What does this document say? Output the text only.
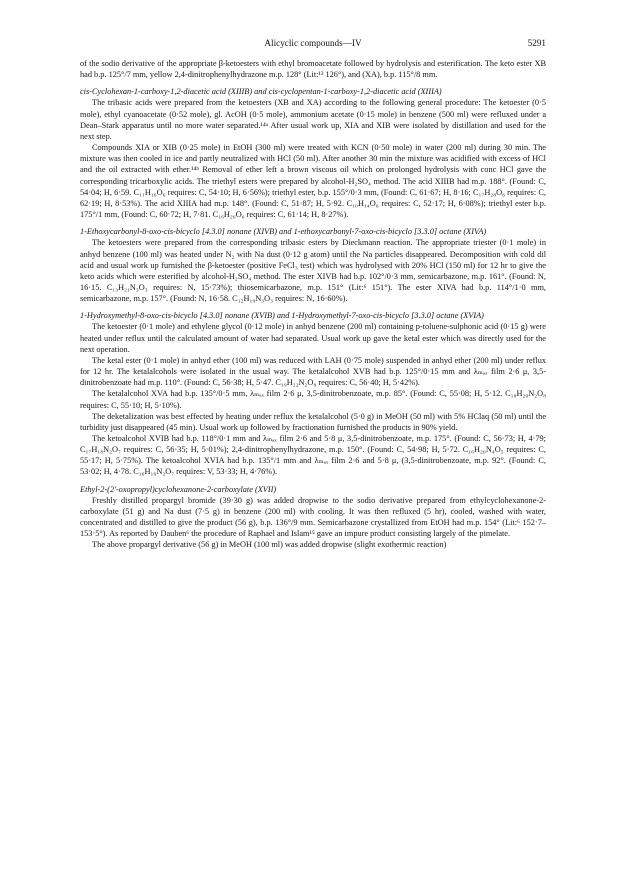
Alicyclic compounds—IV	5291

of the sodio derivative of the appropriate β-ketoesters with ethyl bromoacetate followed by hydrolysis and esterification. The keto ester XB had b.p. 125°/7 mm, yellow 2,4-dinitrophenylhydrazone m.p. 128° (Lit:¹³ 126°), and (XA), b.p. 115°/8 mm.

cis-Cyclohexan-1-carboxy-1,2-diacetic acid (XIIIB) and cis-cyclopentan-1-carboxy-1,2-diacetic acid (XIIIA)

The tribasic acids were prepared from the ketoesters (XB and XA) according to the following general procedure: The ketoester (0·5 mole), ethyl cyanoacetate (0·52 mole), gl. AcOH (0·5 mole), ammonium acetate (0·15 mole) in benzene (500 ml) were refluxed under a Dean–Stark apparatus until no more water separated.¹⁴ᵃ After usual work up, XIA and XIB were isolated by distillation and used for the next step.

Compounds XIA or XIB (0·25 mole) in EtOH (300 ml) were treated with KCN (0·50 mole) in water (200 ml) during 30 min. The mixture was then cooled in ice and partly neutralized with HCl (50 ml). After another 30 min the mixture was acidified with excess of HCl and the oil extracted with ether.¹⁴ᵇ Removal of ether left a brown viscous oil which on prolonged hydrolysis with conc HCl gave the corresponding tricarboxylic acids. The triethyl esters were prepared by alcohol-H₂SO₄ method. The acid XIIIB had m.p. 188°. (Found: C, 54·04; H, 6·59. C₁₁H₁₆O₆ requires: C, 54·10; H, 6·56%); triethyl ester, b.p. 155°/0·3 mm, (Found: C, 61·67; H, 8·16; C₁₇H₂₈O₆ requires: C, 62·19; H, 8·53%). The acid XIIIA had m.p. 148°. (Found: C, 51·87; H, 5·92. C₁₀H₁₄O₆ requires: C, 52·17; H, 6·08%); triethyl ester b.p. 175°/1 mm, (Found: C, 60·72; H, 7·81. C₁₆H₂₆O₆ requires: C, 61·14; H, 8·27%).

1-Ethoxycarbonyl-8-oxo-cis-bicyclo [4.3.0] nonane (XIVB) and 1-ethoxycarbonyl-7-oxo-cis-bicyclo [3.3.0] octane (XIVA)

The ketoesters were prepared from the corresponding tribasic esters by Dieckmann reaction. The appropriate triester (0·1 mole) in anhyd benzene (100 ml) was heated under N₂ with Na dust (0·12 g atom) until the Na particles disappeared. Decomposition with cold dil acid and usual work up furnished the β-ketoester (positive FeCl₃ test) which was hydrolysed with 20% HCl (150 ml) for 12 hr to give the keto acids which were esterified by alcohol-H₂SO₄ method. The ester XIVB had b.p. 102°/0·3 mm, semicarbazone, m.p. 161°. (Found: N, 16·15. C₁₃H₂₁N₃O₃ requires: N, 15·73%); thiosemicarbazone, m.p. 151° (Lit:⁶ 151°). The ester XIVA had b.p. 114°/1·0 mm, semicarbazone, m.p. 157°. (Found: N, 16·58. C₁₂H₁₉N₃O₃ requires: N, 16·60%).

1-Hydroxymethyl-8-oxo-cis-bicyclo [4.3.0] nonane (XVIB) and 1-Hydroxymethyl-7-oxo-cis-bicyclo [3.3.0] octane (XVIA)

The ketoester (0·1 mole) and ethylene glycol (0·12 mole) in anhyd benzene (200 ml) containing p-toluene-sulphonic acid (0·15 g) were heated under reflux until the calculated amount of water had separated. Usual work up gave the ketal ester which was directly used for the next operation.

The ketal ester (0·1 mole) in anhyd ether (100 ml) was reduced with LAH (0·75 mole) suspended in anhyd ether (200 ml) under reflux for 12 hr. The ketalalcohols were isolated in the usual way. The ketalalcohol XVB had b.p. 125°/0·15 mm and λₘₐₓ film 2·6 μ, 3,5-dinitrobenzoate had m.p. 110°. (Found: C, 56·38; H, 5·47. C₁₉H₂₂N₂O₈ requires: C, 56·40; H, 5·42%).

The ketalalcohol XVA had b.p. 135°/0·5 mm, λₘₐₓ film 2·6 μ, 3,5-dinitrobenzoate, m.p. 85°. (Found: C, 55·08; H, 5·12. C₁₈H₂₀N₂O₈ requires: C, 55·10; H, 5·10%).

The deketalization was best effected by heating under reflux the ketalalcohol (5·0 g) in MeOH (50 ml) with 5% HClaq (50 ml) until the turbidity just disappeared (45 min). Usual work up followed by fractionation furnished the products in 90% yield.

The ketoalcohol XVIB had b.p. 118°/0·1 mm and λₘₐₓ film 2·6 and 5·8 μ, 3,5-dinitrobenzoate, m.p. 175°. (Found: C, 56·73; H, 4·79; C₁₇H₁₈N₂O₇ requires: C, 56·35; H, 5·01%); 2,4-dinitrophenylhydrazone, m.p. 150°. (Found: C, 54·98; H, 5·72. C₁₆H₂₀N₄O₅ requires: C, 55·17; H, 5·75%). The ketoalcohol XVIA had b.p. 135°/1 mm and λₘₐₓ film 2·6 and 5·8 μ, (3,5-dinitrobenzoate, m.p. 92°. (Found: C, 53·02; H, 4·78. C₁₆H₁₆N₂O₇ requires: V, 53·33; H, 4·76%).

Ethyl-2-(2′-oxopropyl)cyclohexanone-2-carboxylate (XVII)

Freshly distilled propargyl bromide (39·30 g) was added dropwise to the sodio derivative prepared from ethylcyclohexanone-2-carboxylate (51 g) and Na dust (7·5 g) in benzene (200 ml) with cooling. It was then refluxed (5 hr), cooled, washed with water, concentrated and distilled to give the product (56 g), b.p. 136°/9 mm. Semicarbazone crystallized from EtOH had m.p. 154° (Lit:⁶ 152·7–153·5°). As reported by Dauben⁶ the procedure of Raphael and Islam¹⁵ gave an impure product consisting largely of the pimelate.

The above propargyl derivative (56 g) in MeOH (100 ml) was added dropwise (slight exothermic reaction)
